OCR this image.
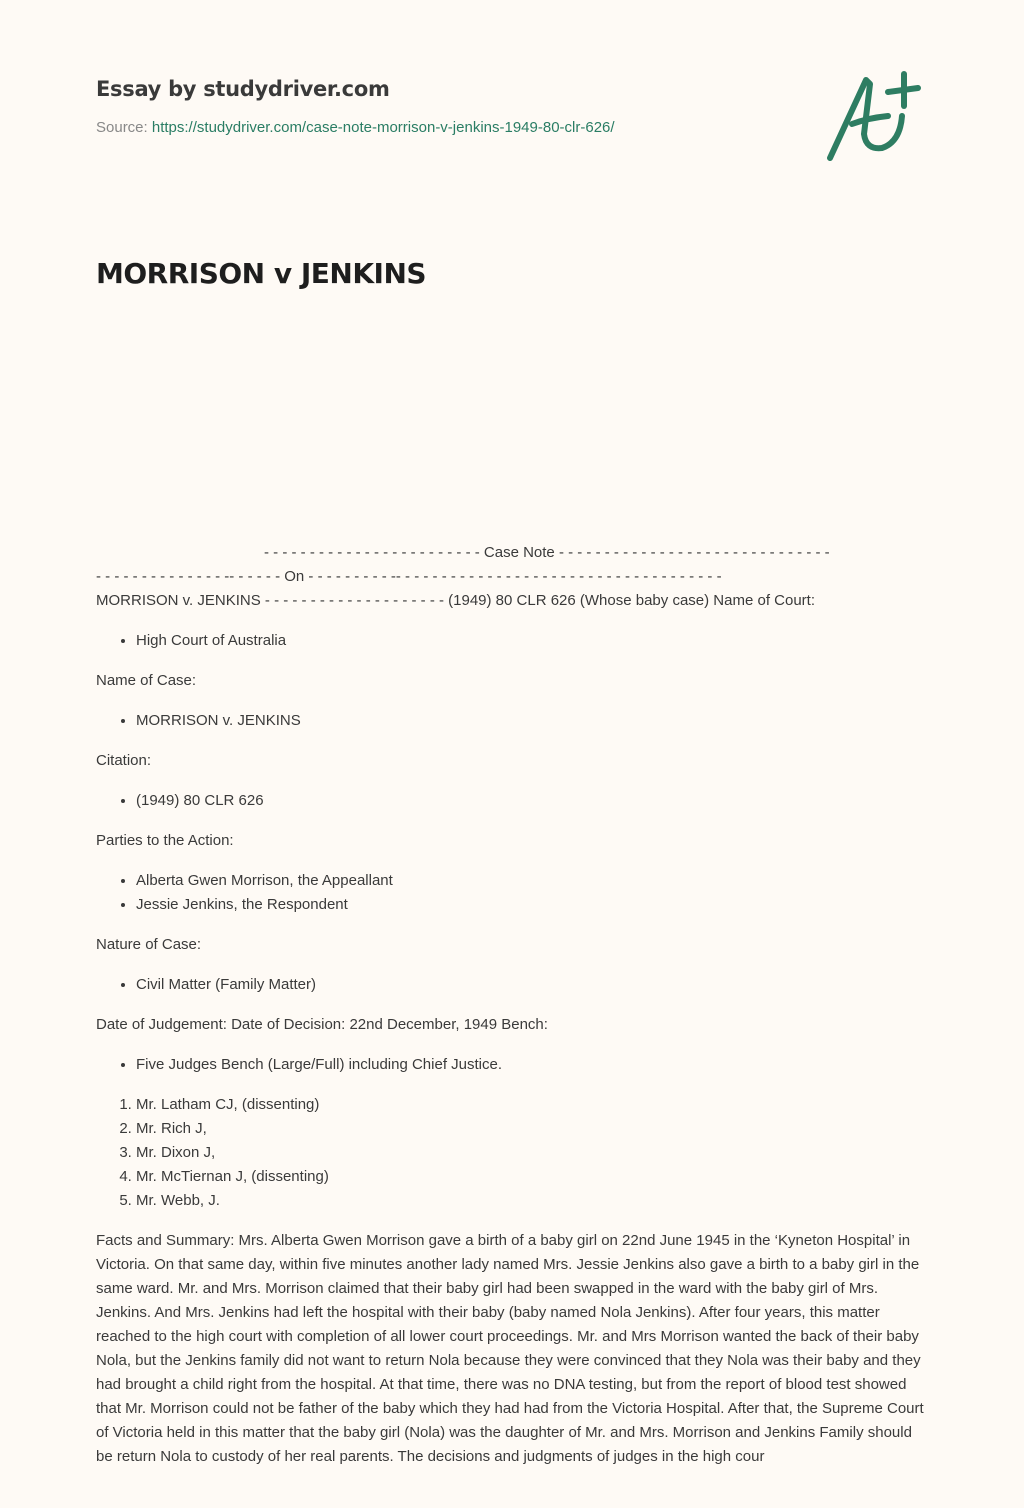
Essay by studydriver.com
Source: https://studydriver.com/case-note-morrison-v-jenkins-1949-80-clr-626/
MORRISON v JENKINS

- - - - - - - - - - - - - - - - - - - - - - - - Case Note - - - - - - - - - - - - - - - - - - - - - - - - - - - - - -

- - - - - - - - - - - - - - -- - - - - - On - - - - - - - - - -- - - - - - - - - - - - - - - - - - - - - - - - - - - - - - - - - - - -

MORRISON v. JENKINS - - - - - - - - - - - - - - - - - - - - (1949) 80 CLR 626 (Whose baby case) Name of Court:

• High Court of Australia

Name of Case:

• MORRISON v. JENKINS

Citation:

• (1949) 80 CLR 626

Parties to the Action:

• Alberta Gwen Morrison, the Appeallant
• Jessie Jenkins, the Respondent

Nature of Case:

• Civil Matter (Family Matter)

Date of Judgement: Date of Decision: 22nd December, 1949 Bench:

• Five Judges Bench (Large/Full) including Chief Justice.
1. Mr. Latham CJ, (dissenting)
2. Mr. Rich J,
3. Mr. Dixon J,
4. Mr. McTiernan J, (dissenting)
5. Mr. Webb, J.

Facts and Summary: Mrs. Alberta Gwen Morrison gave a birth of a baby girl on 22nd June 1945 in the ‘Kyneton Hospital’ in Victoria. On that same day, within five minutes another lady named Mrs. Jessie Jenkins also gave a birth to a baby girl in the same ward. Mr. and Mrs. Morrison claimed that their baby girl had been swapped in the ward with the baby girl of Mrs. Jenkins. And Mrs. Jenkins had left the hospital with their baby (baby named Nola Jenkins). After four years, this matter reached to the high court with completion of all lower court proceedings. Mr. and Mrs Morrison wanted the back of their baby Nola, but the Jenkins family did not want to return Nola because they were convinced that they Nola was their baby and they had brought a child right from the hospital. At that time, there was no DNA testing, but from the report of blood test showed that Mr. Morrison could not be father of the baby which they had had from the Victoria Hospital. After that, the Supreme Court of Victoria held in this matter that the baby girl (Nola) was the daughter of Mr. and Mrs. Morrison and Jenkins Family should be return Nola to custody of her real parents. The decisions and judgments of judges in the high cour
